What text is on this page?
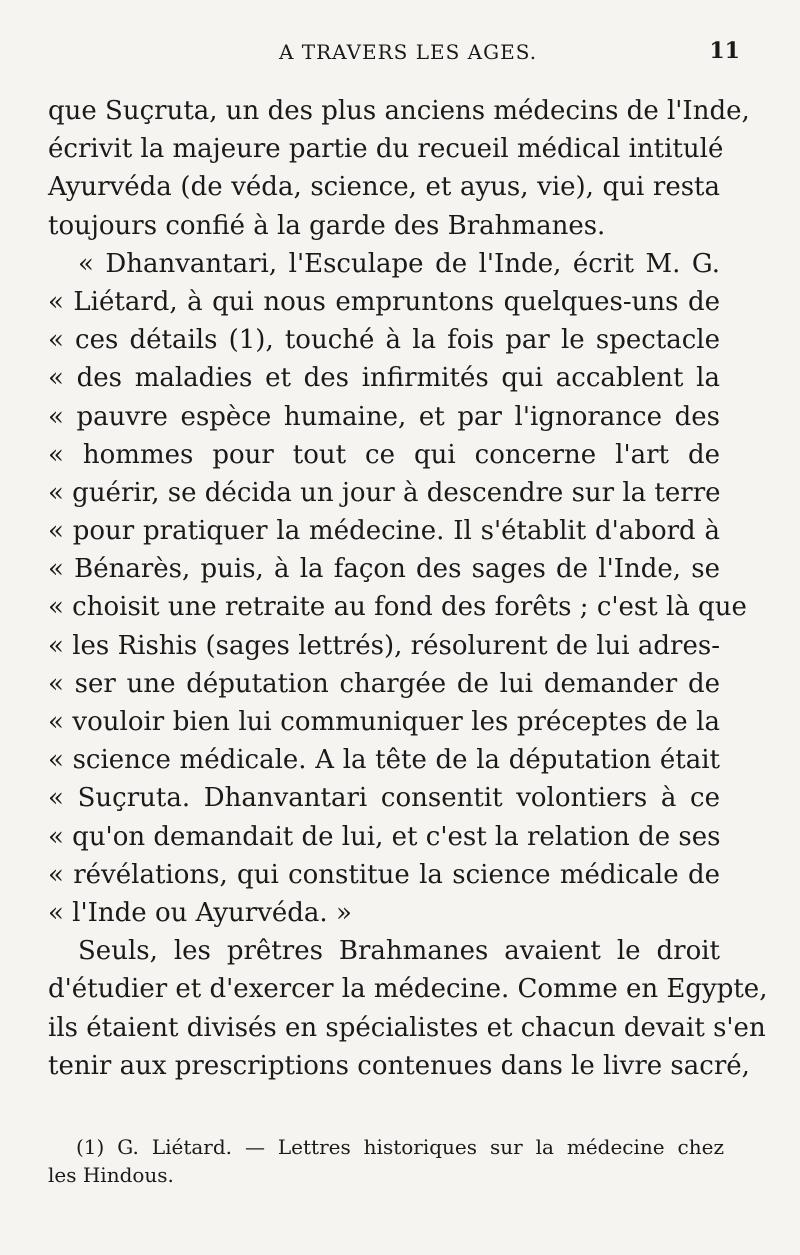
A TRAVERS LES AGES.	11
que Suçruta, un des plus anciens médecins de l'Inde,
écrivit la majeure partie du recueil médical intitulé
Ayurvéda (de véda, science, et ayus, vie), qui resta
toujours confié à la garde des Brahmanes.
« Dhanvantari, l'Esculape de l'Inde, écrit M. G.
« Liétard, à qui nous empruntons quelques-uns de
« ces détails (1), touché à la fois par le spectacle
« des maladies et des infirmités qui accablent la
« pauvre espèce humaine, et par l'ignorance des
« hommes pour tout ce qui concerne l'art de
« guérir, se décida un jour à descendre sur la terre
« pour pratiquer la médecine. Il s'établit d'abord à
« Bénarès, puis, à la façon des sages de l'Inde, se
« choisit une retraite au fond des forêts ; c'est là que
« les Rishis (sages lettrés), résolurent de lui adres-
« ser une députation chargée de lui demander de
« vouloir bien lui communiquer les préceptes de la
« science médicale. A la tête de la députation était
« Suçruta. Dhanvantari consentit volontiers à ce
« qu'on demandait de lui, et c'est la relation de ses
« révélations, qui constitue la science médicale de
« l'Inde ou Ayurvéda. »
Seuls, les prêtres Brahmanes avaient le droit
d'étudier et d'exercer la médecine. Comme en Egypte,
ils étaient divisés en spécialistes et chacun devait s'en
tenir aux prescriptions contenues dans le livre sacré,
(1) G. Liétard. — Lettres historiques sur la médecine chez
les Hindous.
